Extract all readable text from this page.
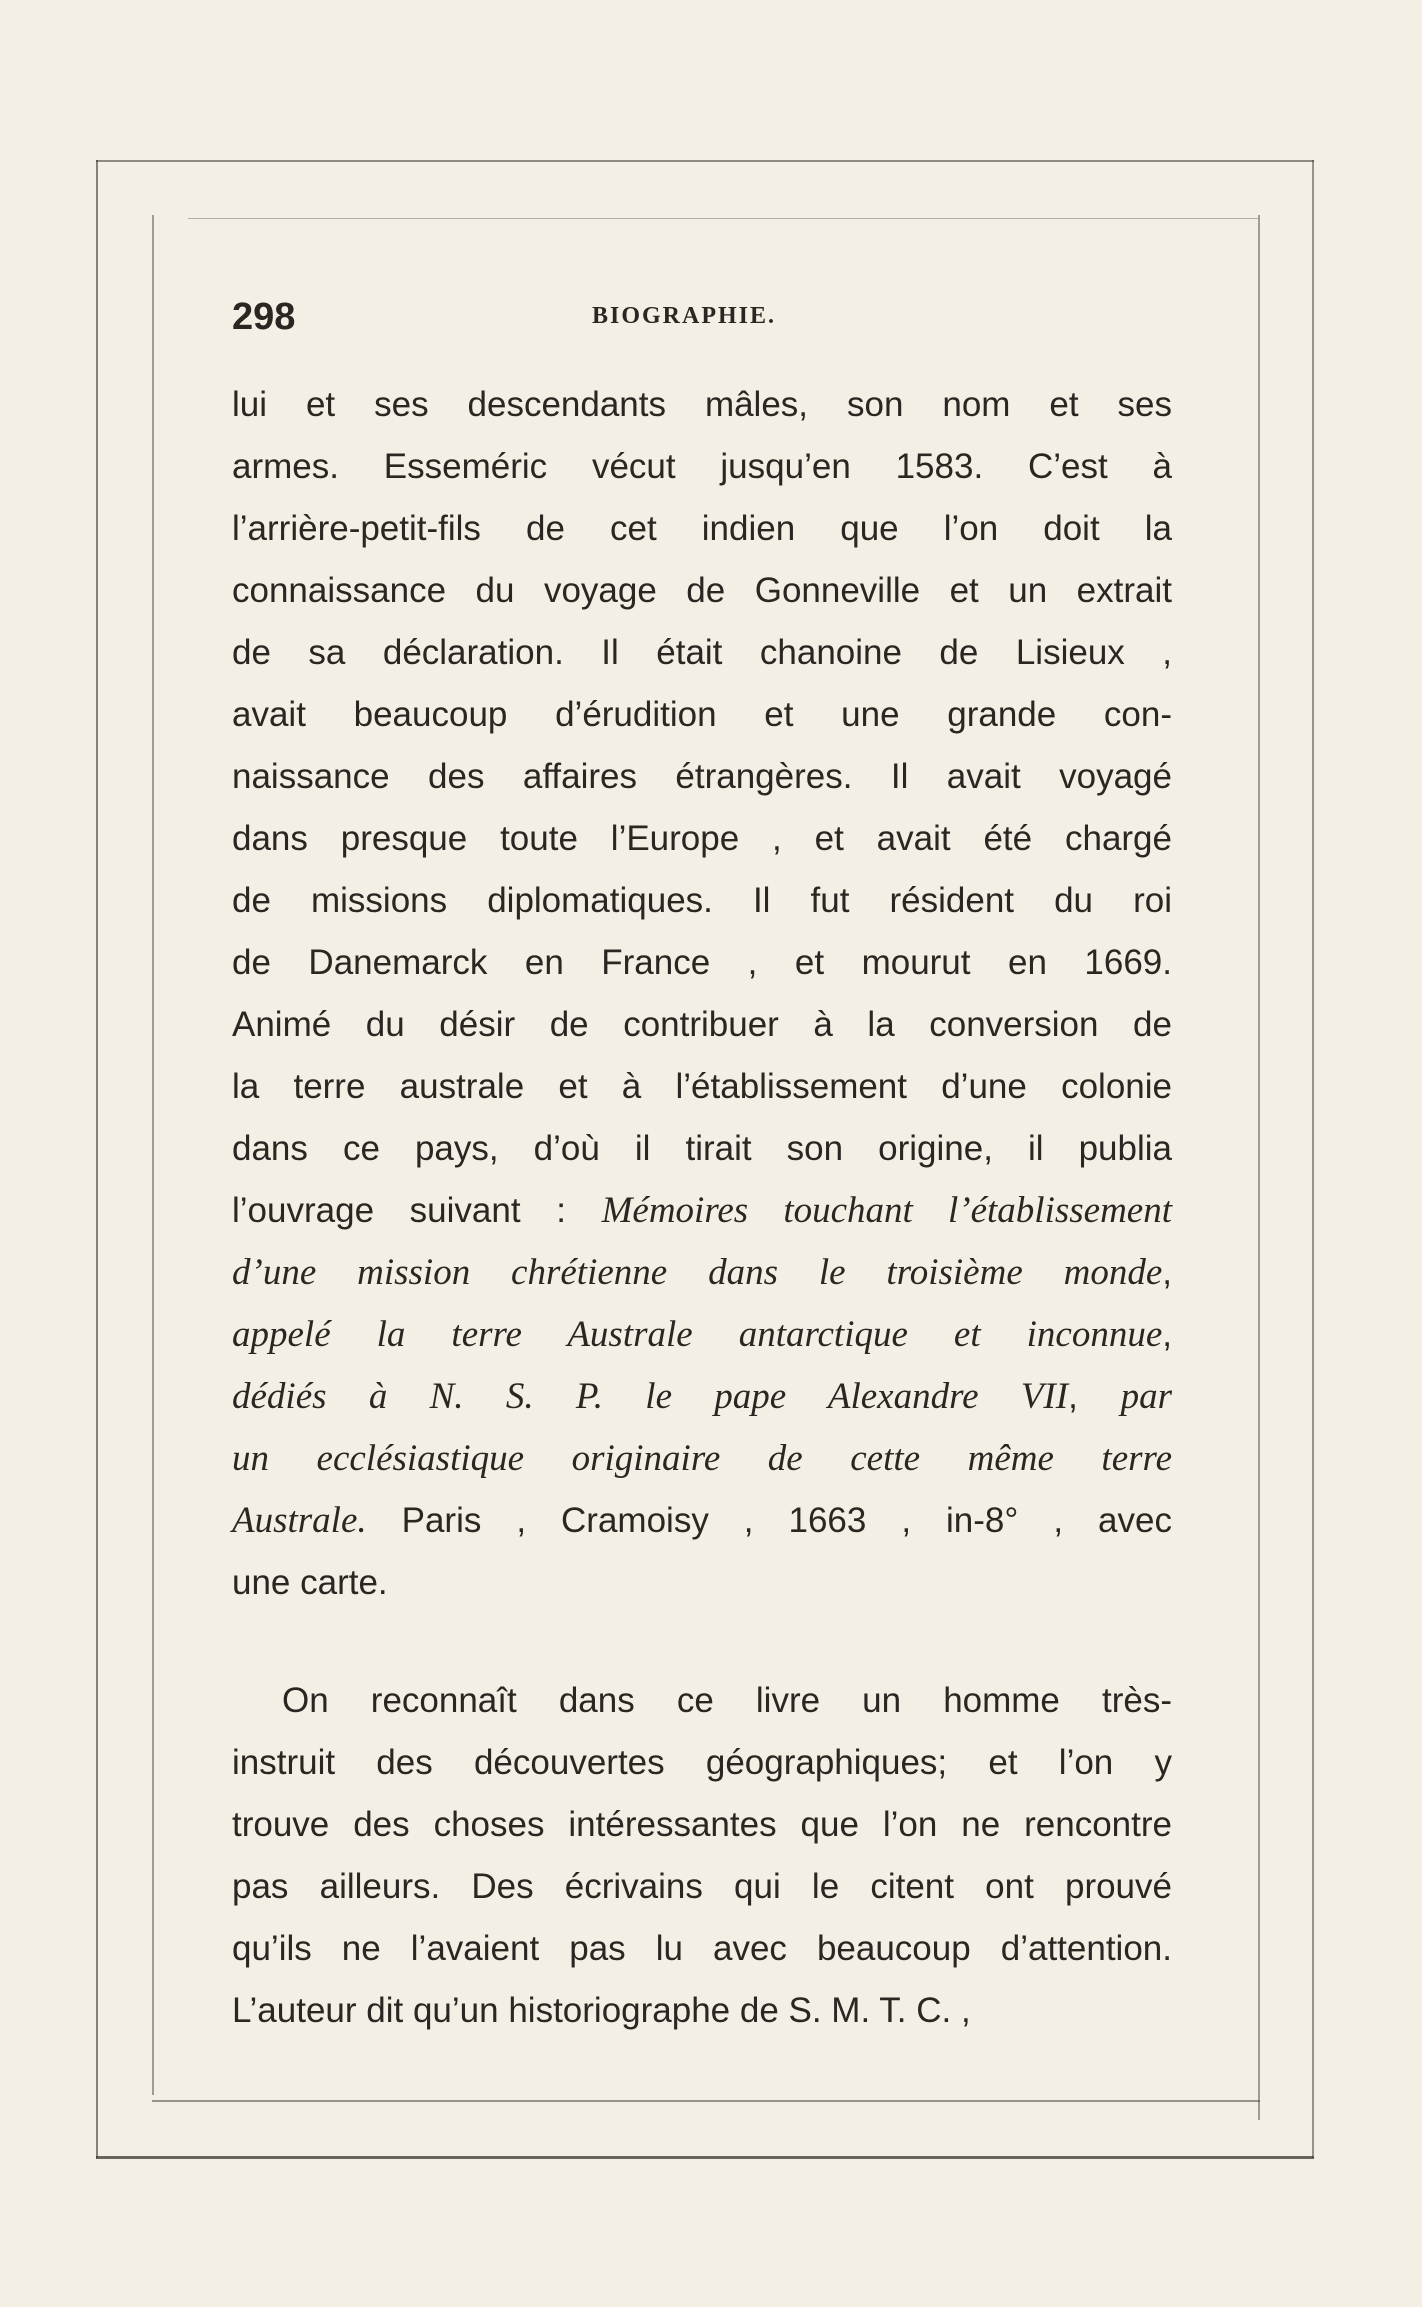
298	BIOGRAPHIE.
lui et ses descendants mâles, son nom et ses
armes. Esseméric vécut jusqu’en 1583. C’est à
l’arrière-petit-fils de cet indien que l’on doit la
connaissance du voyage de Gonneville et un extrait
de sa déclaration. Il était chanoine de Lisieux ,
avait beaucoup d’érudition et une grande con-
naissance des affaires étrangères. Il avait voyagé
dans presque toute l’Europe , et avait été chargé
de missions diplomatiques. Il fut résident du roi
de Danemarck en France , et mourut en 1669.
Animé du désir de contribuer à la conversion de
la terre australe et à l’établissement d’une colonie
dans ce pays, d’où il tirait son origine, il publia
l’ouvrage suivant : Mémoires touchant l’établissement
d’une mission chrétienne dans le troisième monde,
appelé la terre Australe antarctique et inconnue,
dédiés à N. S. P. le pape Alexandre VII, par
un ecclésiastique originaire de cette même terre
Australe. Paris , Cramoisy , 1663 , in-8° , avec
une carte.
On reconnaît dans ce livre un homme très-
instruit des découvertes géographiques; et l’on y
trouve des choses intéressantes que l’on ne rencontre
pas ailleurs. Des écrivains qui le citent ont prouvé
qu’ils ne l’avaient pas lu avec beaucoup d’attention.
L’auteur dit qu’un historiographe de S. M. T. C. ,
